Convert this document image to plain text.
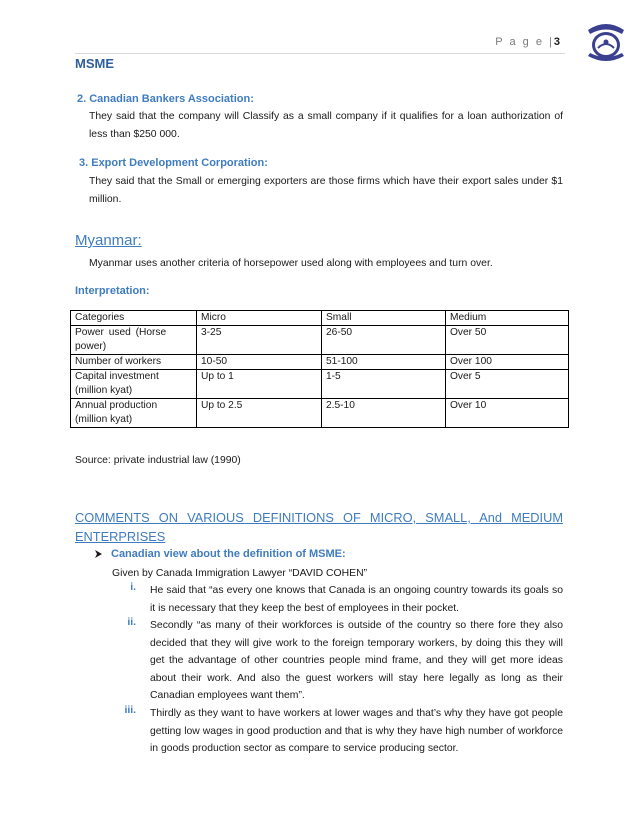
P a g e |3
MSME
2. Canadian Bankers Association:
They said that the company will Classify as a small company if it qualifies for a loan authorization of less than $250 000.
3. Export Development Corporation:
They said that the Small or emerging exporters are those firms which have their export sales under $1 million.
Myanmar:
Myanmar uses another criteria of horsepower used along with employees and turn over.
Interpretation:
Categories	Micro	Small	Medium
Power used (Horse power)	3-25	26-50	Over 50
Number of workers	10-50	51-100	Over 100
Capital investment (million kyat)	Up to 1	1-5	Over 5
Annual production (million kyat)	Up to 2.5	2.5-10	Over 10
Source: private industrial law (1990)
COMMENTS ON VARIOUS DEFINITIONS OF MICRO, SMALL, And MEDIUM ENTERPRISES
Canadian view about the definition of MSME:
Given by Canada Immigration Lawyer “DAVID COHEN”
i. He said that “as every one knows that Canada is an ongoing country towards its goals so it is necessary that they keep the best of employees in their pocket.
ii. Secondly “as many of their workforces is outside of the country so there fore they also decided that they will give work to the foreign temporary workers, by doing this they will get the advantage of other countries people mind frame, and they will get more ideas about their work. And also the guest workers will stay here legally as long as their Canadian employees want them”.
iii. Thirdly as they want to have workers at lower wages and that’s why they have got people getting low wages in good production and that is why they have high number of workforce in goods production sector as compare to service producing sector.
